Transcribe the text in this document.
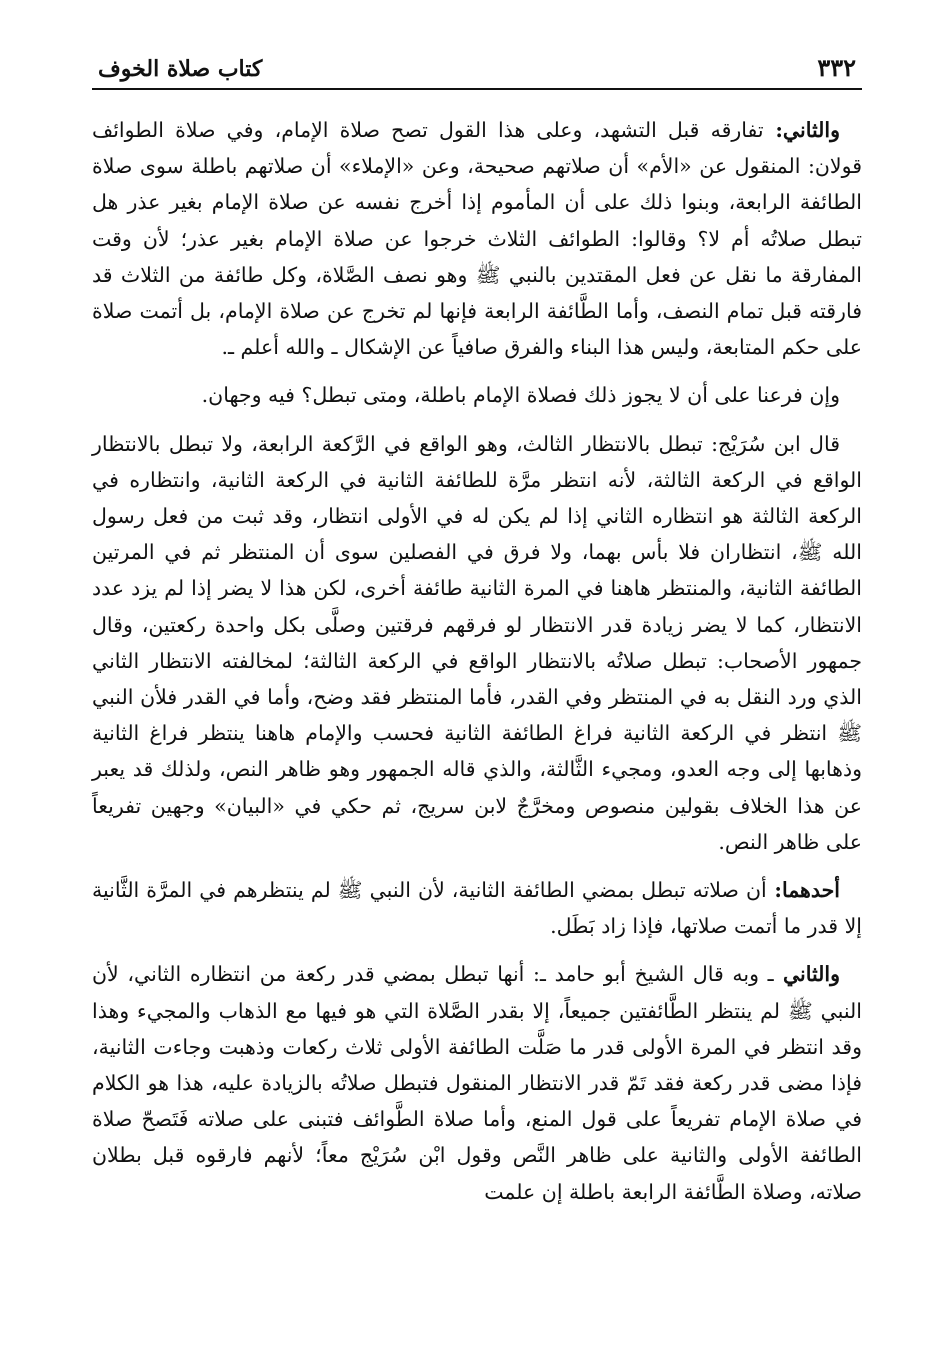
٣٣٢
كتاب صلاة الخوف

والثاني: تفارقه قبل التشهد، وعلى هذا القول تصح صلاة الإمام، وفي صلاة الطوائف قولان: المنقول عن «الأم» أن صلاتهم صحيحة، وعن «الإملاء» أن صلاتهم باطلة سوى صلاة الطائفة الرابعة، وبنوا ذلك على أن المأموم إذا أخرج نفسه عن صلاة الإمام بغير عذر هل تبطل صلاتُه أم لا؟ وقالوا: الطوائف الثلاث خرجوا عن صلاة الإمام بغير عذر؛ لأن وقت المفارقة ما نقل عن فعل المقتدين بالنبي ﷺ وهو نصف الصَّلاة، وكل طائفة من الثلاث قد فارقته قبل تمام النصف، وأما الطَّائفة الرابعة فإنها لم تخرج عن صلاة الإمام، بل أتمت صلاة على حكم المتابعة، وليس هذا البناء والفرق صافياً عن الإشكال ـ والله أعلم ـ.

وإن فرعنا على أن لا يجوز ذلك فصلاة الإمام باطلة، ومتى تبطل؟ فيه وجهان.

قال ابن سُرَيْج: تبطل بالانتظار الثالث، وهو الواقع في الرَّكعة الرابعة، ولا تبطل بالانتظار الواقع في الركعة الثالثة، لأنه انتظر مرَّة للطائفة الثانية في الركعة الثانية، وانتظاره في الركعة الثالثة هو انتظاره الثاني إذا لم يكن له في الأولى انتظار، وقد ثبت من فعل رسول الله ﷺ، انتظاران فلا بأس بهما، ولا فرق في الفصلين سوى أن المنتظر ثم في المرتين الطائفة الثانية، والمنتظر هاهنا في المرة الثانية طائفة أخرى، لكن هذا لا يضر إذا لم يزد عدد الانتظار، كما لا يضر زيادة قدر الانتظار لو فرقهم فرقتين وصلَّى بكل واحدة ركعتين، وقال جمهور الأصحاب: تبطل صلاتُه بالانتظار الواقع في الركعة الثالثة؛ لمخالفته الانتظار الثاني الذي ورد النقل به في المنتظر وفي القدر، فأما المنتظر فقد وضح، وأما في القدر فلأن النبي ﷺ انتظر في الركعة الثانية فراغ الطائفة الثانية فحسب والإمام هاهنا ينتظر فراغ الثانية وذهابها إلى وجه العدو، ومجيء الثَّالثة، والذي قاله الجمهور وهو ظاهر النص، ولذلك قد يعبر عن هذا الخلاف بقولين منصوص ومخرَّجٌ لابن سريج، ثم حكي في «البيان» وجهين تفريعاً على ظاهر النص.

أحدهما: أن صلاته تبطل بمضي الطائفة الثانية، لأن النبي ﷺ لم ينتظرهم في المرَّة الثَّانية إلا قدر ما أتمت صلاتها، فإذا زاد بَطَل.

والثاني ـ وبه قال الشيخ أبو حامد ـ: أنها تبطل بمضي قدر ركعة من انتظاره الثاني، لأن النبي ﷺ لم ينتظر الطَّائفتين جميعاً، إلا بقدر الصَّلاة التي هو فيها مع الذهاب والمجيء وهذا وقد انتظر في المرة الأولى قدر ما صَلَّت الطائفة الأولى ثلاث ركعات وذهبت وجاءت الثانية، فإذا مضى قدر ركعة فقد تَمّ قدر الانتظار المنقول فتبطل صلاتُه بالزيادة عليه، هذا هو الكلام في صلاة الإمام تفريعاً على قول المنع، وأما صلاة الطَّوائف فتبنى على صلاته فَتَصحّ صلاة الطائفة الأولى والثانية على ظاهر النَّص وقول ابْن سُرَيْج معاً؛ لأنهم فارقوه قبل بطلان صلاته، وصلاة الطَّائفة الرابعة باطلة إن علمت
